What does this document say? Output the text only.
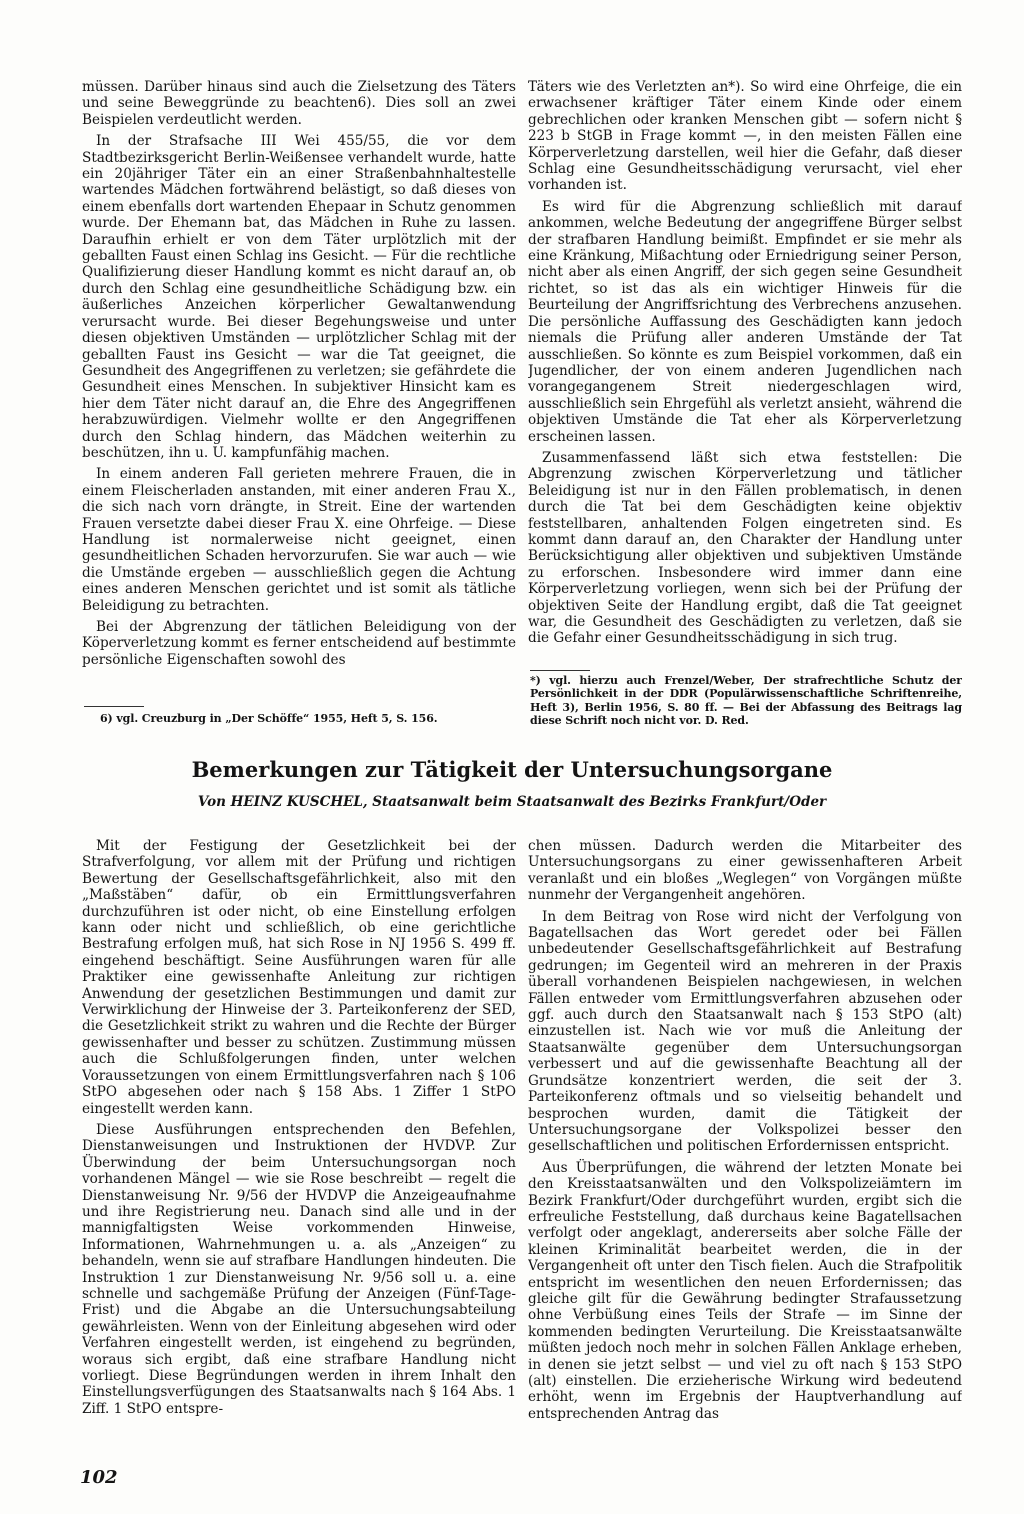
müssen. Darüber hinaus sind auch die Zielsetzung des Täters und seine Beweggründe zu beachten6). Dies soll an zwei Beispielen verdeutlicht werden.

In der Strafsache III Wei 455/55, die vor dem Stadtbezirksgericht Berlin-Weißensee verhandelt wurde, hatte ein 20jähriger Täter ein an einer Straßenbahnhaltestelle wartendes Mädchen fortwährend belästigt, so daß dieses von einem ebenfalls dort wartenden Ehepaar in Schutz genommen wurde. Der Ehemann bat, das Mädchen in Ruhe zu lassen. Daraufhin erhielt er von dem Täter urplötzlich mit der geballten Faust einen Schlag ins Gesicht. — Für die rechtliche Qualifizierung dieser Handlung kommt es nicht darauf an, ob durch den Schlag eine gesundheitliche Schädigung bzw. ein äußerliches Anzeichen körperlicher Gewaltanwendung verursacht wurde. Bei dieser Begehungsweise und unter diesen objektiven Umständen — urplötzlicher Schlag mit der geballten Faust ins Gesicht — war die Tat geeignet, die Gesundheit des Angegriffenen zu verletzen; sie gefährdete die Gesundheit eines Menschen. In subjektiver Hinsicht kam es hier dem Täter nicht darauf an, die Ehre des Angegriffenen herabzuwürdigen. Vielmehr wollte er den Angegriffenen durch den Schlag hindern, das Mädchen weiterhin zu beschützen, ihn u. U. kampfunfähig machen.

In einem anderen Fall gerieten mehrere Frauen, die in einem Fleischerladen anstanden, mit einer anderen Frau X., die sich nach vorn drängte, in Streit. Eine der wartenden Frauen versetzte dabei dieser Frau X. eine Ohrfeige. — Diese Handlung ist normalerweise nicht geeignet, einen gesundheitlichen Schaden hervorzurufen. Sie war auch — wie die Umstände ergeben — ausschließlich gegen die Achtung eines anderen Menschen gerichtet und ist somit als tätliche Beleidigung zu betrachten.

Bei der Abgrenzung der tätlichen Beleidigung von der Köperverletzung kommt es ferner entscheidend auf bestimmte persönliche Eigenschaften sowohl des

6) vgl. Creuzburg in „Der Schöffe“ 1955, Heft 5, S. 156.

Täters wie des Verletzten an*). So wird eine Ohrfeige, die ein erwachsener kräftiger Täter einem Kinde oder einem gebrechlichen oder kranken Menschen gibt — sofern nicht § 223 b StGB in Frage kommt —, in den meisten Fällen eine Körperverletzung darstellen, weil hier die Gefahr, daß dieser Schlag eine Gesundheitsschädigung verursacht, viel eher vorhanden ist.

Es wird für die Abgrenzung schließlich mit darauf ankommen, welche Bedeutung der angegriffene Bürger selbst der strafbaren Handlung beimißt. Empfindet er sie mehr als eine Kränkung, Mißachtung oder Erniedrigung seiner Person, nicht aber als einen Angriff, der sich gegen seine Gesundheit richtet, so ist das als ein wichtiger Hinweis für die Beurteilung der Angriffsrichtung des Verbrechens anzusehen. Die persönliche Auffassung des Geschädigten kann jedoch niemals die Prüfung aller anderen Umstände der Tat ausschließen. So könnte es zum Beispiel vorkommen, daß ein Jugendlicher, der von einem anderen Jugendlichen nach vorangegangenem Streit niedergeschlagen wird, ausschließlich sein Ehrgefühl als verletzt ansieht, während die objektiven Umstände die Tat eher als Körperverletzung erscheinen lassen.

Zusammenfassend läßt sich etwa feststellen: Die Abgrenzung zwischen Körperverletzung und tätlicher Beleidigung ist nur in den Fällen problematisch, in denen durch die Tat bei dem Geschädigten keine objektiv feststellbaren, anhaltenden Folgen eingetreten sind. Es kommt dann darauf an, den Charakter der Handlung unter Berücksichtigung aller objektiven und subjektiven Umstände zu erforschen. Insbesondere wird immer dann eine Körperverletzung vorliegen, wenn sich bei der Prüfung der objektiven Seite der Handlung ergibt, daß die Tat geeignet war, die Gesundheit des Geschädigten zu verletzen, daß sie die Gefahr einer Gesundheitsschädigung in sich trug.

*) vgl. hierzu auch Frenzel/Weber, Der strafrechtliche Schutz der Persönlichkeit in der DDR (Populärwissenschaftliche Schriftenreihe, Heft 3), Berlin 1956, S. 80 ff. — Bei der Abfassung des Beitrags lag diese Schrift noch nicht vor. D. Red.
Bemerkungen zur Tätigkeit der Untersuchungsorgane

Von HEINZ KUSCHEL, Staatsanwalt beim Staatsanwalt des Bezirks Frankfurt/Oder

Mit der Festigung der Gesetzlichkeit bei der Strafverfolgung, vor allem mit der Prüfung und richtigen Bewertung der Gesellschaftsgefährlichkeit, also mit den „Maßstäben“ dafür, ob ein Ermittlungsverfahren durchzuführen ist oder nicht, ob eine Einstellung erfolgen kann oder nicht und schließlich, ob eine gerichtliche Bestrafung erfolgen muß, hat sich Rose in NJ 1956 S. 499 ff. eingehend beschäftigt. Seine Ausführungen waren für alle Praktiker eine gewissenhafte Anleitung zur richtigen Anwendung der gesetzlichen Bestimmungen und damit zur Verwirklichung der Hinweise der 3. Parteikonferenz der SED, die Gesetzlichkeit strikt zu wahren und die Rechte der Bürger gewissenhafter und besser zu schützen. Zustimmung müssen auch die Schlußfolgerungen finden, unter welchen Voraussetzungen von einem Ermittlungsverfahren nach § 106 StPO abgesehen oder nach § 158 Abs. 1 Ziffer 1 StPO eingestellt werden kann.

Diese Ausführungen entsprechenden den Befehlen, Dienstanweisungen und Instruktionen der HVDVP. Zur Überwindung der beim Untersuchungsorgan noch vorhandenen Mängel — wie sie Rose beschreibt — regelt die Dienstanweisung Nr. 9/56 der HVDVP die Anzeigeaufnahme und ihre Registrierung neu. Danach sind alle und in der mannigfaltigsten Weise vorkommenden Hinweise, Informationen, Wahrnehmungen u. a. als „Anzeigen“ zu behandeln, wenn sie auf strafbare Handlungen hindeuten. Die Instruktion 1 zur Dienstanweisung Nr. 9/56 soll u. a. eine schnelle und sachgemäße Prüfung der Anzeigen (Fünf-Tage-Frist) und die Abgabe an die Untersuchungsabteilung gewährleisten. Wenn von der Einleitung abgesehen wird oder Verfahren eingestellt werden, ist eingehend zu begründen, woraus sich ergibt, daß eine strafbare Handlung nicht vorliegt. Diese Begründungen werden in ihrem Inhalt den Einstellungsverfügungen des Staatsanwalts nach § 164 Abs. 1 Ziff. 1 StPO entspre-

chen müssen. Dadurch werden die Mitarbeiter des Untersuchungsorgans zu einer gewissenhafteren Arbeit veranlaßt und ein bloßes „Weglegen“ von Vorgängen müßte nunmehr der Vergangenheit angehören.

In dem Beitrag von Rose wird nicht der Verfolgung von Bagatellsachen das Wort geredet oder bei Fällen unbedeutender Gesellschaftsgefährlichkeit auf Bestrafung gedrungen; im Gegenteil wird an mehreren in der Praxis überall vorhandenen Beispielen nachgewiesen, in welchen Fällen entweder vom Ermittlungsverfahren abzusehen oder ggf. auch durch den Staatsanwalt nach § 153 StPO (alt) einzustellen ist. Nach wie vor muß die Anleitung der Staatsanwälte gegenüber dem Untersuchungsorgan verbessert und auf die gewissenhafte Beachtung all der Grundsätze konzentriert werden, die seit der 3. Parteikonferenz oftmals und so vielseitig behandelt und besprochen wurden, damit die Tätigkeit der Untersuchungsorgane der Volkspolizei besser den gesellschaftlichen und politischen Erfordernissen entspricht.

Aus Überprüfungen, die während der letzten Monate bei den Kreisstaatsanwälten und den Volkspolizeiämtern im Bezirk Frankfurt/Oder durchgeführt wurden, ergibt sich die erfreuliche Feststellung, daß durchaus keine Bagatellsachen verfolgt oder angeklagt, andererseits aber solche Fälle der kleinen Kriminalität bearbeitet werden, die in der Vergangenheit oft unter den Tisch fielen. Auch die Strafpolitik entspricht im wesentlichen den neuen Erfordernissen; das gleiche gilt für die Gewährung bedingter Strafaussetzung ohne Verbüßung eines Teils der Strafe — im Sinne der kommenden bedingten Verurteilung. Die Kreisstaatsanwälte müßten jedoch noch mehr in solchen Fällen Anklage erheben, in denen sie jetzt selbst — und viel zu oft nach § 153 StPO (alt) einstellen. Die erzieherische Wirkung wird bedeutend erhöht, wenn im Ergebnis der Hauptverhandlung auf entsprechenden Antrag das

102
